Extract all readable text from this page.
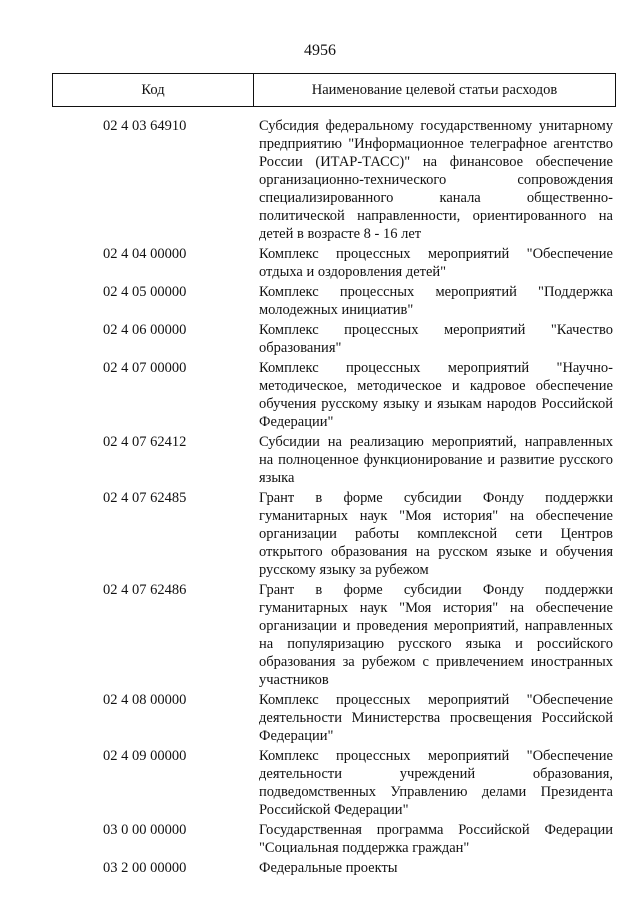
4956
Код	Наименование целевой статьи расходов
02 4 03 64910	Субсидия федеральному государственному унитарному предприятию "Информационное телеграфное агентство России (ИТАР-ТАСС)" на финансовое обеспечение организационно-технического сопровождения специализированного канала общественно-политической направленности, ориентированного на детей в возрасте 8 - 16 лет
02 4 04 00000	Комплекс процессных мероприятий "Обеспечение отдыха и оздоровления детей"
02 4 05 00000	Комплекс процессных мероприятий "Поддержка молодежных инициатив"
02 4 06 00000	Комплекс процессных мероприятий "Качество образования"
02 4 07 00000	Комплекс процессных мероприятий "Научно-методическое, методическое и кадровое обеспечение обучения русскому языку и языкам народов Российской Федерации"
02 4 07 62412	Субсидии на реализацию мероприятий, направленных на полноценное функционирование и развитие русского языка
02 4 07 62485	Грант в форме субсидии Фонду поддержки гуманитарных наук "Моя история" на обеспечение организации работы комплексной сети Центров открытого образования на русском языке и обучения русскому языку за рубежом
02 4 07 62486	Грант в форме субсидии Фонду поддержки гуманитарных наук "Моя история" на обеспечение организации и проведения мероприятий, направленных на популяризацию русского языка и российского образования за рубежом с привлечением иностранных участников
02 4 08 00000	Комплекс процессных мероприятий "Обеспечение деятельности Министерства просвещения Российской Федерации"
02 4 09 00000	Комплекс процессных мероприятий "Обеспечение деятельности учреждений образования, подведомственных Управлению делами Президента Российской Федерации"
03 0 00 00000	Государственная программа Российской Федерации "Социальная поддержка граждан"
03 2 00 00000	Федеральные проекты
